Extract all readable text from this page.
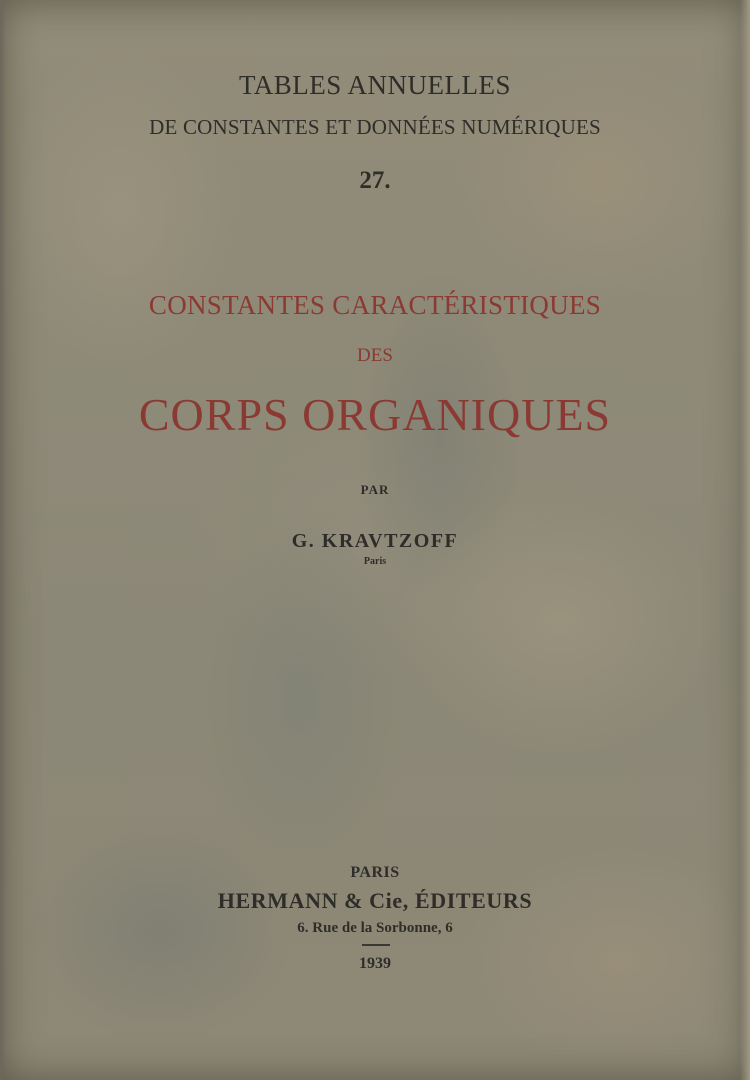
TABLES ANNUELLES
DE CONSTANTES ET DONNÉES NUMÉRIQUES
27.
CONSTANTES CARACTÉRISTIQUES
DES
CORPS ORGANIQUES
PAR
G. KRAVTZOFF
Paris
PARIS
HERMANN & Cie, ÉDITEURS
6. Rue de la Sorbonne, 6
1939
